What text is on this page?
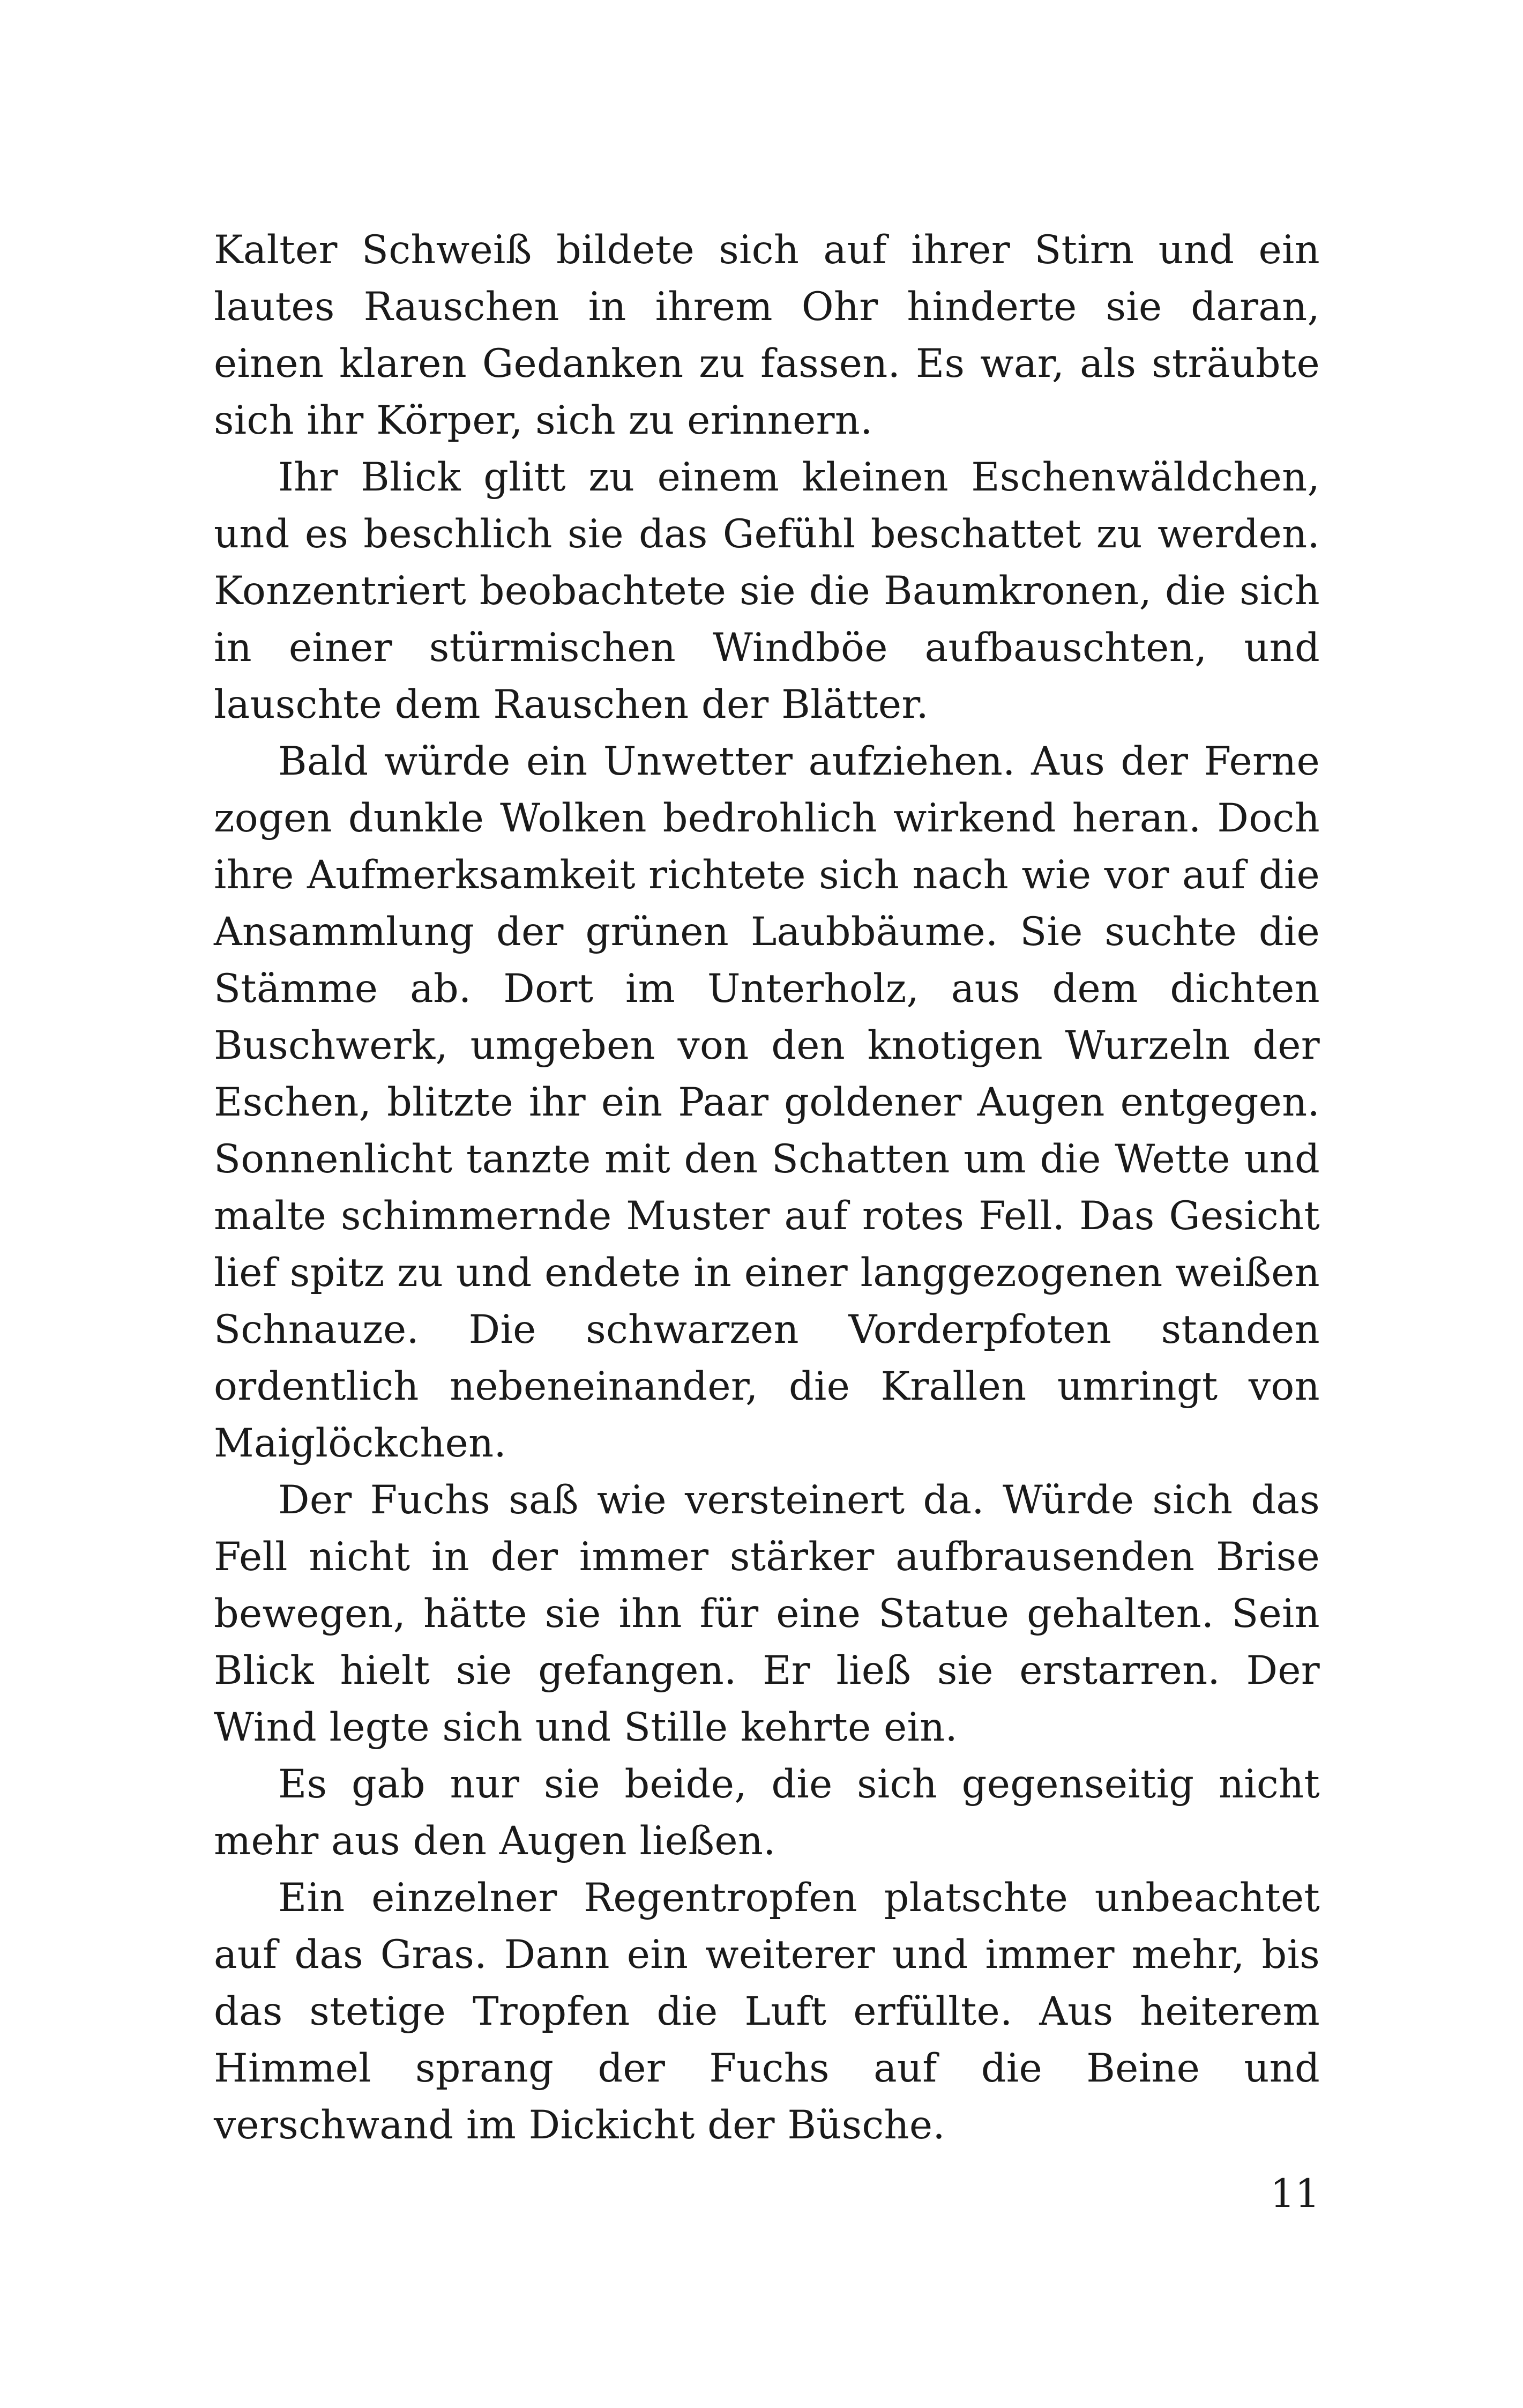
Kalter Schweiß bildete sich auf ihrer Stirn und ein lautes Rauschen in ihrem Ohr hinderte sie daran, einen klaren Gedanken zu fassen. Es war, als sträubte sich ihr Körper, sich zu erinnern.

Ihr Blick glitt zu einem kleinen Eschenwäldchen, und es beschlich sie das Gefühl beschattet zu werden. Konzentriert beobachtete sie die Baumkronen, die sich in einer stürmischen Windböe aufbauschten, und lauschte dem Rauschen der Blätter.

Bald würde ein Unwetter aufziehen. Aus der Ferne zogen dunkle Wolken bedrohlich wirkend heran. Doch ihre Aufmerksamkeit richtete sich nach wie vor auf die Ansammlung der grünen Laubbäume. Sie suchte die Stämme ab. Dort im Unterholz, aus dem dichten Buschwerk, umgeben von den knotigen Wurzeln der Eschen, blitzte ihr ein Paar goldener Augen entgegen. Sonnenlicht tanzte mit den Schatten um die Wette und malte schimmernde Muster auf rotes Fell. Das Gesicht lief spitz zu und endete in einer langgezogenen weißen Schnauze. Die schwarzen Vorderpfoten standen ordentlich nebeneinander, die Krallen umringt von Maiglöckchen.

Der Fuchs saß wie versteinert da. Würde sich das Fell nicht in der immer stärker aufbrausenden Brise bewegen, hätte sie ihn für eine Statue gehalten. Sein Blick hielt sie gefangen. Er ließ sie erstarren. Der Wind legte sich und Stille kehrte ein.

Es gab nur sie beide, die sich gegenseitig nicht mehr aus den Augen ließen.

Ein einzelner Regentropfen platschte unbeachtet auf das Gras. Dann ein weiterer und immer mehr, bis das stetige Tropfen die Luft erfüllte. Aus heiterem Himmel sprang der Fuchs auf die Beine und verschwand im Dickicht der Büsche.

11
